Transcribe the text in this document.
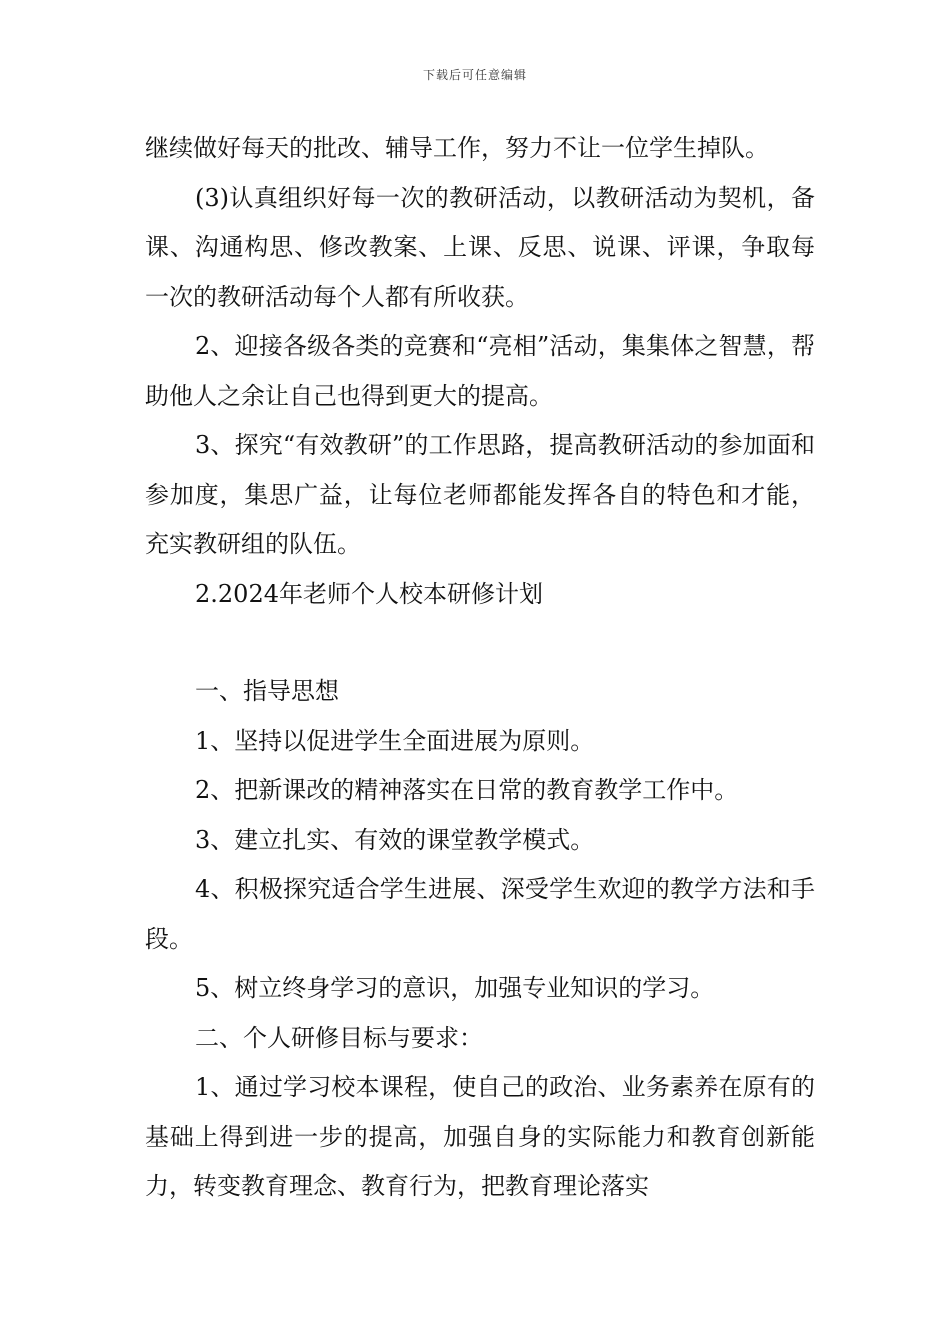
下载后可任意编辑

继续做好每天的批改、辅导工作，努力不让一位学生掉队。

(3)认真组织好每一次的教研活动，以教研活动为契机，备课、沟通构思、修改教案、上课、反思、说课、评课，争取每一次的教研活动每个人都有所收获。

2、迎接各级各类的竞赛和“亮相”活动，集集体之智慧，帮助他人之余让自己也得到更大的提高。

3、探究“有效教研”的工作思路，提高教研活动的参加面和参加度，集思广益，让每位老师都能发挥各自的特色和才能，充实教研组的队伍。

2.2024年老师个人校本研修计划

一、指导思想

1、坚持以促进学生全面进展为原则。

2、把新课改的精神落实在日常的教育教学工作中。

3、建立扎实、有效的课堂教学模式。

4、积极探究适合学生进展、深受学生欢迎的教学方法和手段。

5、树立终身学习的意识，加强专业知识的学习。

二、个人研修目标与要求：

1、通过学习校本课程，使自己的政治、业务素养在原有的基础上得到进一步的提高，加强自身的实际能力和教育创新能力，转变教育理念、教育行为，把教育理论落实
